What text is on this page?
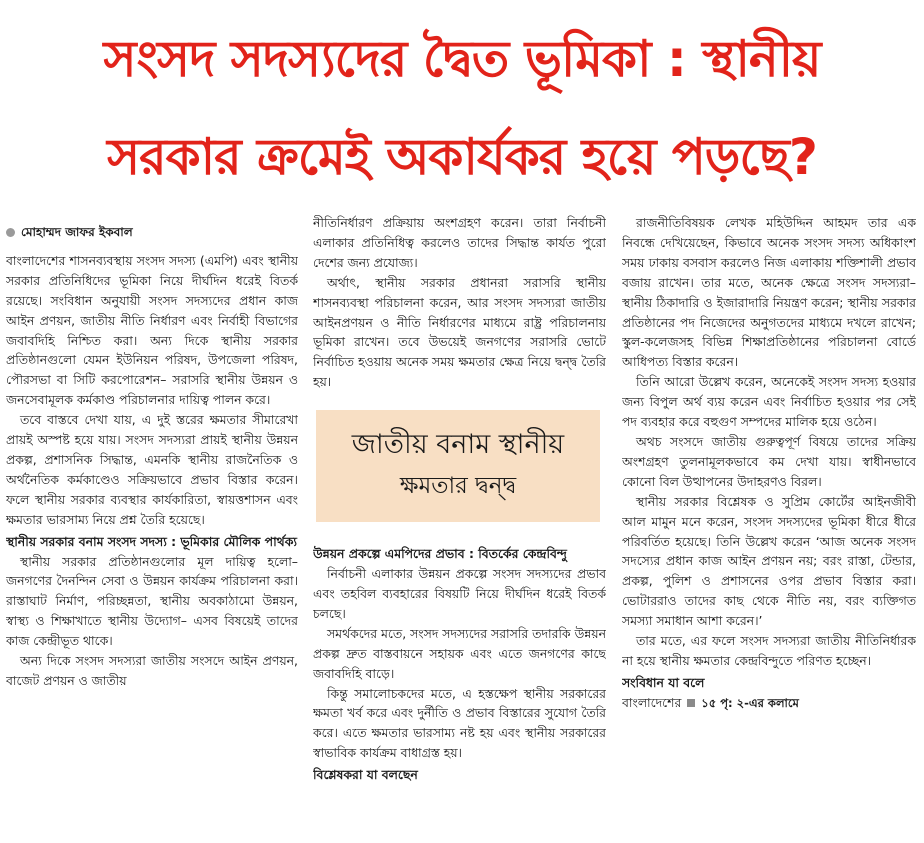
সংসদ সদস্যদের দ্বৈত ভূমিকা : স্থানীয়
সরকার ক্রমেই অকার্যকর হয়ে পড়ছে?
মোহাম্মদ জাফর ইকবাল

বাংলাদেশের শাসনব্যবস্থায় সংসদ সদস্য (এমপি) এবং স্থানীয় সরকার প্রতিনিধিদের ভূমিকা নিয়ে দীর্ঘদিন ধরেই বিতর্ক রয়েছে। সংবিধান অনুযায়ী সংসদ সদস্যদের প্রধান কাজ আইন প্রণয়ন, জাতীয় নীতি নির্ধারণ এবং নির্বাহী বিভাগের জবাবদিহি নিশ্চিত করা। অন্য দিকে স্থানীয় সরকার প্রতিষ্ঠানগুলো যেমন ইউনিয়ন পরিষদ, উপজেলা পরিষদ, পৌরসভা বা সিটি করপোরেশন– সরাসরি স্থানীয় উন্নয়ন ও জনসেবামূলক কর্মকাণ্ড পরিচালনার দায়িত্ব পালন করে।

তবে বাস্তবে দেখা যায়, এ দুই স্তরের ক্ষমতার সীমারেখা প্রায়ই অস্পষ্ট হয়ে যায়। সংসদ সদস্যরা প্রায়ই স্থানীয় উন্নয়ন প্রকল্প, প্রশাসনিক সিদ্ধান্ত, এমনকি স্থানীয় রাজনৈতিক ও অর্থনৈতিক কর্মকাণ্ডেও সক্রিয়ভাবে প্রভাব বিস্তার করেন। ফলে স্থানীয় সরকার ব্যবস্থার কার্যকারিতা, স্বায়ত্তশাসন এবং ক্ষমতার ভারসাম্য নিয়ে প্রশ্ন তৈরি হয়েছে।

স্থানীয় সরকার বনাম সংসদ সদস্য : ভূমিকার মৌলিক পার্থক্য

স্থানীয় সরকার প্রতিষ্ঠানগুলোর মূল দায়িত্ব হলো– জনগণের দৈনন্দিন সেবা ও উন্নয়ন কার্যক্রম পরিচালনা করা। রাস্তাঘাট নির্মাণ, পরিচ্ছন্নতা, স্থানীয় অবকাঠামো উন্নয়ন, স্বাস্থ্য ও শিক্ষাখাতে স্থানীয় উদ্যোগ– এসব বিষয়েই তাদের কাজ কেন্দ্রীভূত থাকে।

অন্য দিকে সংসদ সদস্যরা জাতীয় সংসদে আইন প্রণয়ন, বাজেট প্রণয়ন ও জাতীয়

নীতিনির্ধারণ প্রক্রিয়ায় অংশগ্রহণ করেন। তারা নির্বাচনী এলাকার প্রতিনিধিত্ব করলেও তাদের সিদ্ধান্ত কার্যত পুরো দেশের জন্য প্রযোজ্য।

অর্থাৎ, স্থানীয় সরকার প্রধানরা সরাসরি স্থানীয় শাসনব্যবস্থা পরিচালনা করেন, আর সংসদ সদস্যরা জাতীয় আইনপ্রণয়ন ও নীতি নির্ধারণের মাধ্যমে রাষ্ট্র পরিচালনায় ভূমিকা রাখেন। তবে উভয়েই জনগণের সরাসরি ভোটে নির্বাচিত হওয়ায় অনেক সময় ক্ষমতার ক্ষেত্র নিয়ে দ্বন্দ্ব তৈরি হয়।

জাতীয় বনাম স্থানীয়
ক্ষমতার দ্বন্দ্ব
উন্নয়ন প্রকল্পে এমপিদের প্রভাব : বিতর্কের কেন্দ্রবিন্দু

নির্বাচনী এলাকার উন্নয়ন প্রকল্পে সংসদ সদস্যদের প্রভাব এবং তহবিল ব্যবহারের বিষয়টি নিয়ে দীর্ঘদিন ধরেই বিতর্ক চলছে।

সমর্থকদের মতে, সংসদ সদস্যদের সরাসরি তদারকি উন্নয়ন প্রকল্প দ্রুত বাস্তবায়নে সহায়ক এবং এতে জনগণের কাছে জবাবদিহি বাড়ে।

কিন্তু সমালোচকদের মতে, এ হস্তক্ষেপ স্থানীয় সরকারের ক্ষমতা খর্ব করে এবং দুর্নীতি ও প্রভাব বিস্তারের সুযোগ তৈরি করে। এতে ক্ষমতার ভারসাম্য নষ্ট হয় এবং স্থানীয় সরকারের স্বাভাবিক কার্যক্রম বাধাগ্রস্ত হয়।

বিশ্লেষকরা যা বলছেন

রাজনীতিবিষয়ক লেখক মহিউদ্দিন আহমদ তার এক নিবন্ধে দেখিয়েছেন, কিভাবে অনেক সংসদ সদস্য অধিকাংশ সময় ঢাকায় বসবাস করলেও নিজ এলাকায় শক্তিশালী প্রভাব বজায় রাখেন। তার মতে, অনেক ক্ষেত্রে সংসদ সদস্যরা– স্থানীয় ঠিকাদারি ও ইজারাদারি নিয়ন্ত্রণ করেন; স্থানীয় সরকার প্রতিষ্ঠানের পদ নিজেদের অনুগতদের মাধ্যমে দখলে রাখেন; স্কুল-কলেজসহ বিভিন্ন শিক্ষাপ্রতিষ্ঠানের পরিচালনা বোর্ডে আধিপত্য বিস্তার করেন।

তিনি আরো উল্লেখ করেন, অনেকেই সংসদ সদস্য হওয়ার জন্য বিপুল অর্থ ব্যয় করেন এবং নির্বাচিত হওয়ার পর সেই পদ ব্যবহার করে বহুগুণ সম্পদের মালিক হয়ে ওঠেন।

অথচ সংসদে জাতীয় গুরুত্বপূর্ণ বিষয়ে তাদের সক্রিয় অংশগ্রহণ তুলনামূলকভাবে কম দেখা যায়। স্বাধীনভাবে কোনো বিল উত্থাপনের উদাহরণও বিরল।

স্থানীয় সরকার বিশ্লেষক ও সুপ্রিম কোর্টের আইনজীবী আল মামুন মনে করেন, সংসদ সদস্যদের ভূমিকা ধীরে ধীরে পরিবর্তিত হয়েছে। তিনি উল্লেখ করেন ‘আজ অনেক সংসদ সদস্যের প্রধান কাজ আইন প্রণয়ন নয়; বরং রাস্তা, টেন্ডার, প্রকল্প, পুলিশ ও প্রশাসনের ওপর প্রভাব বিস্তার করা। ভোটাররাও তাদের কাছ থেকে নীতি নয়, বরং ব্যক্তিগত সমস্যা সমাধান আশা করেন।’

তার মতে, এর ফলে সংসদ সদস্যরা জাতীয় নীতিনির্ধারক না হয়ে স্থানীয় ক্ষমতার কেন্দ্রবিন্দুতে পরিণত হচ্ছেন।

সংবিধান যা বলে
বাংলাদেশের ১৫ পৃ: ২-এর কলামে
